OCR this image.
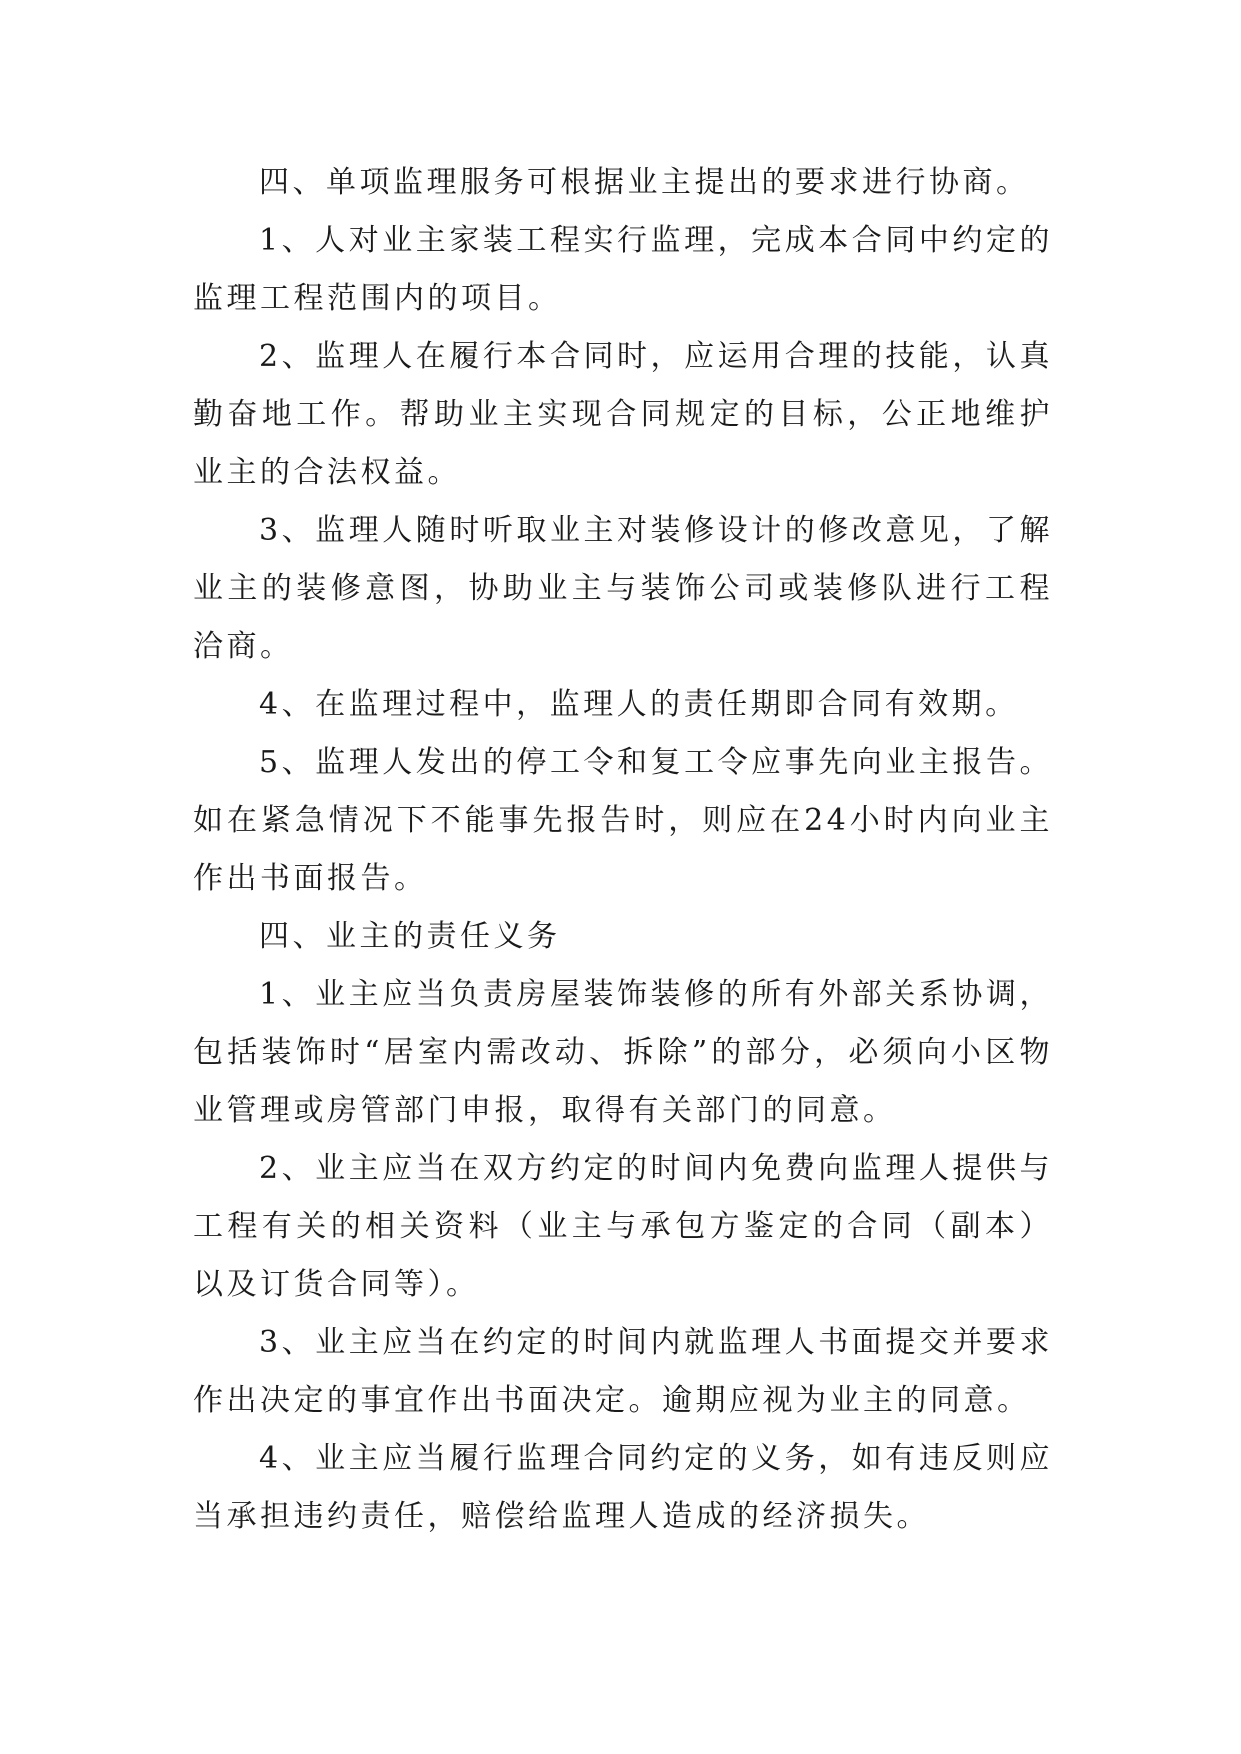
四、单项监理服务可根据业主提出的要求进行协商。

1、人对业主家装工程实行监理，完成本合同中约定的监理工程范围内的项目。

2、监理人在履行本合同时，应运用合理的技能，认真勤奋地工作。帮助业主实现合同规定的目标，公正地维护业主的合法权益。

3、监理人随时听取业主对装修设计的修改意见，了解业主的装修意图，协助业主与装饰公司或装修队进行工程洽商。

4、在监理过程中，监理人的责任期即合同有效期。

5、监理人发出的停工令和复工令应事先向业主报告。如在紧急情况下不能事先报告时，则应在24小时内向业主作出书面报告。

四、业主的责任义务

1、业主应当负责房屋装饰装修的所有外部关系协调，包括装饰时“居室内需改动、拆除”的部分，必须向小区物业管理或房管部门申报，取得有关部门的同意。

2、业主应当在双方约定的时间内免费向监理人提供与工程有关的相关资料（业主与承包方鉴定的合同（副本）以及订货合同等）。

3、业主应当在约定的时间内就监理人书面提交并要求作出决定的事宜作出书面决定。逾期应视为业主的同意。

4、业主应当履行监理合同约定的义务，如有违反则应当承担违约责任，赔偿给监理人造成的经济损失。
